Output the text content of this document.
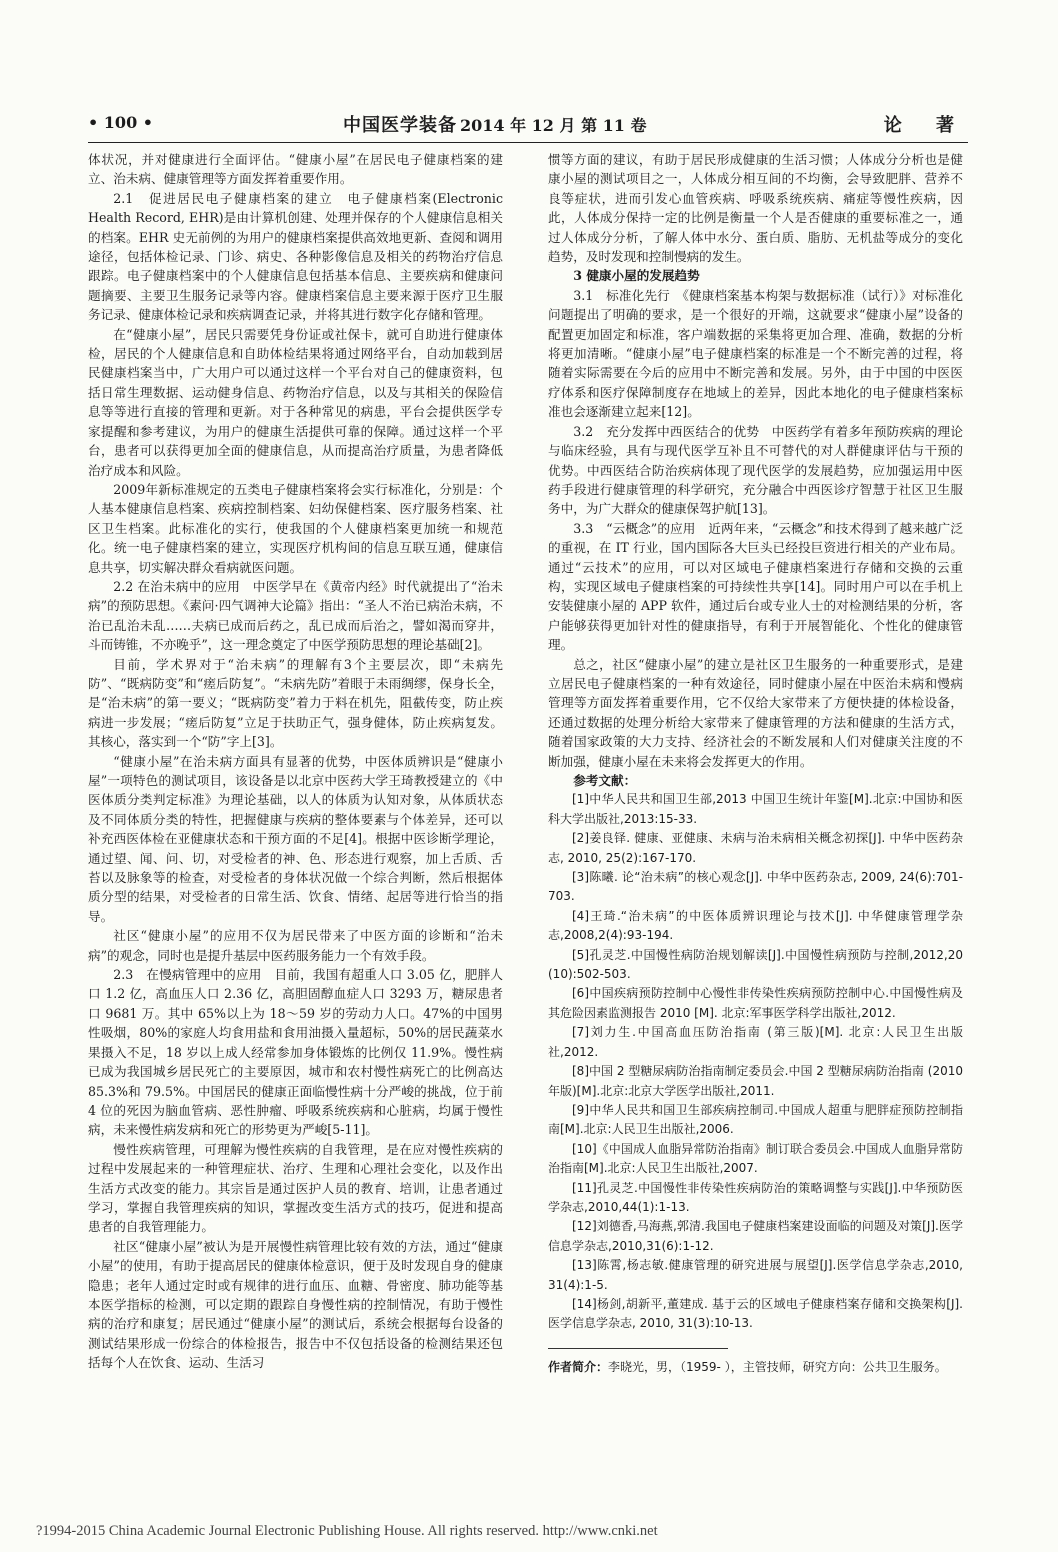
• 100 •	中国医学装备 2014 年 12 月 第 11 卷	论 著

体状况，并对健康进行全面评估。“健康小屋”在居民电子健康档案的建立、治未病、健康管理等方面发挥着重要作用。

2.1　促进居民电子健康档案的建立　电子健康档案(Electronic Health Record, EHR)是由计算机创建、处理并保存的个人健康信息相关的档案。EHR 史无前例的为用户的健康档案提供高效地更新、查阅和调用途径，包括体检记录、门诊、病史、各种影像信息及相关的药物治疗信息跟踪。电子健康档案中的个人健康信息包括基本信息、主要疾病和健康问题摘要、主要卫生服务记录等内容。健康档案信息主要来源于医疗卫生服务记录、健康体检记录和疾病调查记录，并将其进行数字化存储和管理。

在“健康小屋”，居民只需要凭身份证或社保卡，就可自助进行健康体检，居民的个人健康信息和自助体检结果将通过网络平台，自动加载到居民健康档案当中，广大用户可以通过这样一个平台对自己的健康资料，包括日常生理数据、运动健身信息、药物治疗信息，以及与其相关的保险信息等等进行直接的管理和更新。对于各种常见的病患，平台会提供医学专家提醒和参考建议，为用户的健康生活提供可靠的保障。通过这样一个平台，患者可以获得更加全面的健康信息，从而提高治疗质量，为患者降低治疗成本和风险。

2009年新标准规定的五类电子健康档案将会实行标准化，分别是：个人基本健康信息档案、疾病控制档案、妇幼保健档案、医疗服务档案、社区卫生档案。此标准化的实行，使我国的个人健康档案更加统一和规范化。统一电子健康档案的建立，实现医疗机构间的信息互联互通，健康信息共享，切实解决群众看病就医问题。

2.2 在治未病中的应用　中医学早在《黄帝内经》时代就提出了“治未病”的预防思想。《素问·四气调神大论篇》指出：“圣人不治已病治未病，不治已乱治未乱……夫病已成而后药之，乱已成而后治之，譬如渴而穿井，斗而铸锥，不亦晚乎”，这一理念奠定了中医学预防思想的理论基础[2]。

目前，学术界对于“治未病”的理解有3个主要层次，即“未病先防”、“既病防变”和“瘥后防复”。“未病先防”着眼于未雨绸缪，保身长全，是“治未病”的第一要义；“既病防变”着力于料在机先，阻截传变，防止疾病进一步发展；“瘥后防复”立足于扶助正气，强身健体，防止疾病复发。其核心，落实到一个“防”字上[3]。

“健康小屋”在治未病方面具有显著的优势，中医体质辨识是“健康小屋”一项特色的测试项目，该设备是以北京中医药大学王琦教授建立的《中医体质分类判定标准》为理论基础，以人的体质为认知对象，从体质状态及不同体质分类的特性，把握健康与疾病的整体要素与个体差异，还可以补充西医体检在亚健康状态和干预方面的不足[4]。根据中医诊断学理论，通过望、闻、问、切，对受检者的神、色、形态进行观察，加上舌质、舌苔以及脉象等的检查，对受检者的身体状况做一个综合判断，然后根据体质分型的结果，对受检者的日常生活、饮食、情绪、起居等进行恰当的指导。

社区“健康小屋”的应用不仅为居民带来了中医方面的诊断和“治未病”的观念，同时也是提升基层中医药服务能力一个有效手段。

2.3　在慢病管理中的应用　目前，我国有超重人口 3.05 亿，肥胖人口 1.2 亿，高血压人口 2.36 亿，高胆固醇血症人口 3293 万，糖尿患者口 9681 万。其中 65%以上为 18～59 岁的劳动力人口。47%的中国男性吸烟，80%的家庭人均食用盐和食用油摄入量超标，50%的居民蔬菜水果摄入不足，18 岁以上成人经常参加身体锻炼的比例仅 11.9%。慢性病已成为我国城乡居民死亡的主要原因，城市和农村慢性病死亡的比例高达 85.3%和 79.5%。中国居民的健康正面临慢性病十分严峻的挑战，位于前 4 位的死因为脑血管病、恶性肿瘤、呼吸系统疾病和心脏病，均属于慢性病，未来慢性病发病和死亡的形势更为严峻[5-11]。

慢性疾病管理，可理解为慢性疾病的自我管理，是在应对慢性疾病的过程中发展起来的一种管理症状、治疗、生理和心理社会变化，以及作出生活方式改变的能力。其宗旨是通过医护人员的教育、培训，让患者通过学习，掌握自我管理疾病的知识，掌握改变生活方式的技巧，促进和提高患者的自我管理能力。

社区“健康小屋”被认为是开展慢性病管理比较有效的方法，通过“健康小屋”的使用，有助于提高居民的健康体检意识，便于及时发现自身的健康隐患；老年人通过定时或有规律的进行血压、血糖、骨密度、肺功能等基本医学指标的检测，可以定期的跟踪自身慢性病的控制情况，有助于慢性病的治疗和康复；居民通过“健康小屋”的测试后，系统会根据每台设备的测试结果形成一份综合的体检报告，报告中不仅包括设备的检测结果还包括每个人在饮食、运动、生活习

惯等方面的建议，有助于居民形成健康的生活习惯；人体成分分析也是健康小屋的测试项目之一，人体成分相互间的不均衡，会导致肥胖、营养不良等症状，进而引发心血管疾病、呼吸系统疾病、痛症等慢性疾病，因此，人体成分保持一定的比例是衡量一个人是否健康的重要标准之一，通过人体成分分析，了解人体中水分、蛋白质、脂肪、无机盐等成分的变化趋势，及时发现和控制慢病的发生。

3 健康小屋的发展趋势

3.1　标准化先行　《健康档案基本构架与数据标准（试行）》对标准化问题提出了明确的要求，是一个很好的开端，这就要求“健康小屋”设备的配置更加固定和标准，客户端数据的采集将更加合理、准确，数据的分析将更加清晰。“健康小屋”电子健康档案的标准是一个不断完善的过程，将随着实际需要在今后的应用中不断完善和发展。另外，由于中国的中医医疗体系和医疗保障制度存在地域上的差异，因此本地化的电子健康档案标准也会逐渐建立起来[12]。

3.2　充分发挥中西医结合的优势　中医药学有着多年预防疾病的理论与临床经验，具有与现代医学互补且不可替代的对人群健康评估与干预的优势。中西医结合防治疾病体现了现代医学的发展趋势，应加强运用中医药手段进行健康管理的科学研究，充分融合中西医诊疗智慧于社区卫生服务中，为广大群众的健康保驾护航[13]。

3.3　“云概念”的应用　近两年来，“云概念”和技术得到了越来越广泛的重视，在 IT 行业，国内国际各大巨头已经投巨资进行相关的产业布局。通过“云技术”的应用，可以对区域电子健康档案进行存储和交换的云重构，实现区域电子健康档案的可持续性共享[14]。同时用户可以在手机上安装健康小屋的 APP 软件，通过后台或专业人士的对检测结果的分析，客户能够获得更加针对性的健康指导，有利于开展智能化、个性化的健康管理。

总之，社区“健康小屋”的建立是社区卫生服务的一种重要形式，是建立居民电子健康档案的一种有效途径，同时健康小屋在中医治未病和慢病管理等方面发挥着重要作用，它不仅给大家带来了方便快捷的体检设备，还通过数据的处理分析给大家带来了健康管理的方法和健康的生活方式，随着国家政策的大力支持、经济社会的不断发展和人们对健康关注度的不断加强，健康小屋在未来将会发挥更大的作用。

参考文献：

[1]中华人民共和国卫生部,2013 中国卫生统计年鉴[M].北京:中国协和医科大学出版社,2013:15-33.

[2]姜良铎. 健康、亚健康、未病与治未病相关概念初探[J]. 中华中医药杂志, 2010, 25(2):167-170.

[3]陈曦. 论“治未病”的核心观念[J]. 中华中医药杂志, 2009, 24(6):701-703.

[4]王琦.“治未病”的中医体质辨识理论与技术[J]. 中华健康管理学杂志,2008,2(4):93-194.

[5]孔灵芝.中国慢性病防治规划解读[J].中国慢性病预防与控制,2012,20 (10):502-503.

[6]中国疾病预防控制中心慢性非传染性疾病预防控制中心.中国慢性病及其危险因素监测报告 2010 [M]. 北京:军事医学科学出版社,2012.

[7]刘力生.中国高血压防治指南 (第三版)[M]. 北京:人民卫生出版社,2012.

[8]中国 2 型糖尿病防治指南制定委员会.中国 2 型糖尿病防治指南 (2010 年版)[M].北京:北京大学医学出版社,2011.

[9]中华人民共和国卫生部疾病控制司.中国成人超重与肥胖症预防控制指南[M].北京:人民卫生出版社,2006.

[10]《中国成人血脂异常防治指南》制订联合委员会.中国成人血脂异常防治指南[M].北京:人民卫生出版社,2007.

[11]孔灵芝.中国慢性非传染性疾病防治的策略调整与实践[J].中华预防医学杂志,2010,44(1):1-13.

[12]刘德香,马海燕,郭清.我国电子健康档案建设面临的问题及对策[J].医学信息学杂志,2010,31(6):1-12.

[13]陈霄,杨志敏.健康管理的研究进展与展望[J].医学信息学杂志,2010, 31(4):1-5.

[14]杨剑,胡新平,董建成. 基于云的区域电子健康档案存储和交换架构[J]. 医学信息学杂志, 2010, 31(3):10-13.

作者简介：李晓光，男，（1959- ），主管技师，研究方向：公共卫生服务。
?1994-2015 China Academic Journal Electronic Publishing House. All rights reserved. http://www.cnki.net
